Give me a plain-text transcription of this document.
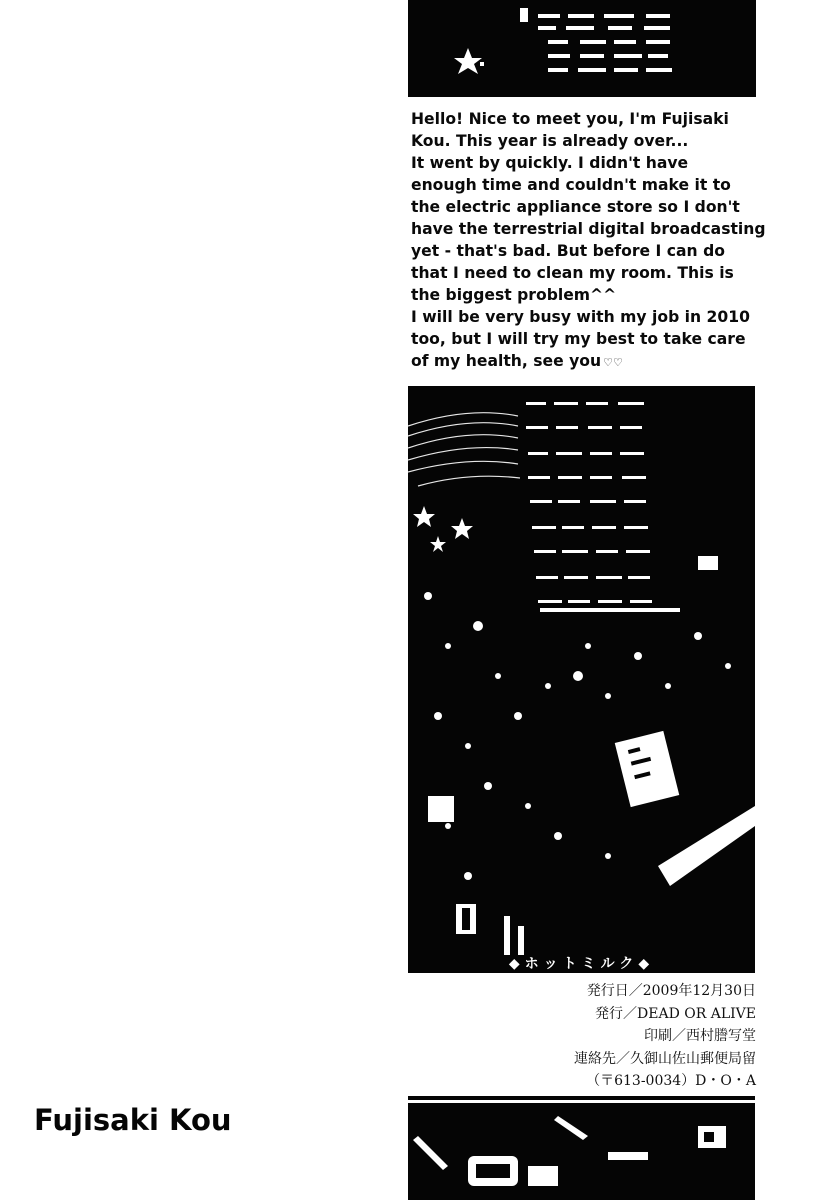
Hello! Nice to meet you, I'm Fujisaki
Kou. This year is already over...
It went by quickly. I didn't have
enough time and couldn't make it to
the electric appliance store so I don't
have the terrestrial digital broadcasting
yet - that's bad. But before I can do
that I need to clean my room. This is
the biggest problem^^
I will be very busy with my job in 2010
too, but I will try my best to take care
of my health, see you ♡♡
◆ホットミルク◆
発行日／2009年12月30日
発行／DEAD OR ALIVE
印刷／西村謄写堂
連絡先／久御山佐山郵便局留
（〒613-0034）D・O・A
Fujisaki Kou
